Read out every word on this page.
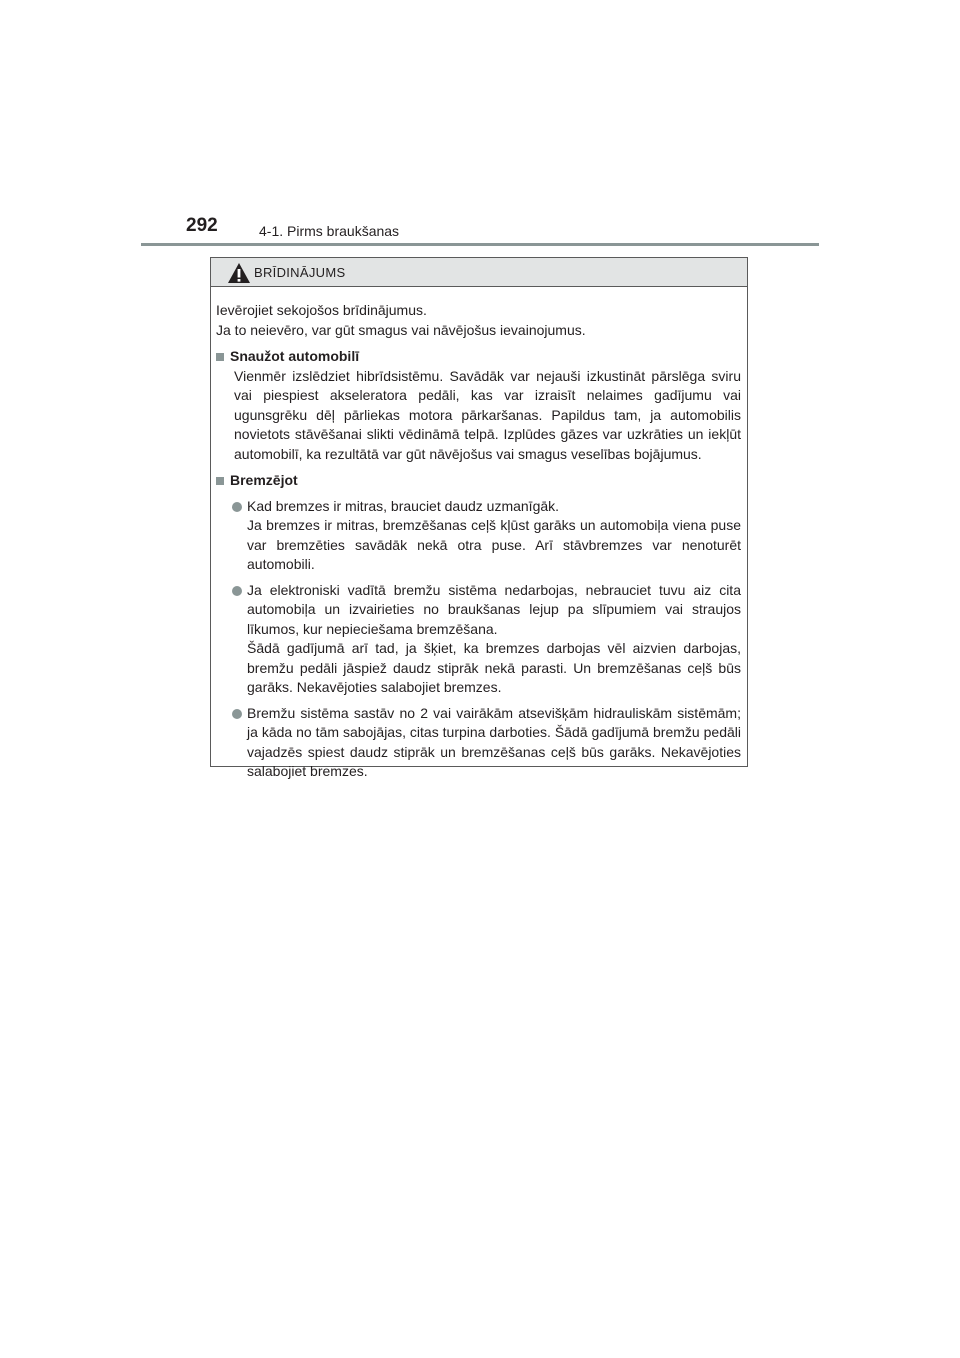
292	4-1. Pirms braukšanas
BRĪDINĀJUMS

Ievērojiet sekojošos brīdinājumus.

Ja to neievēro, var gūt smagus vai nāvējošus ievainojumus.

Snaužot automobilī

Vienmēr izslēdziet hibrīdsistēmu. Savādāk var nejauši izkustināt pārslēga sviru vai piespiest akseleratora pedāli, kas var izraisīt nelaimes gadījumu vai ugunsgrēku dēļ pārliekas motora pārkaršanas. Papildus tam, ja automobilis novietots stāvēšanai slikti vēdināmā telpā. Izplūdes gāzes var uzkrāties un iekļūt automobilī, ka rezultātā var gūt nāvējošus vai smagus veselības bojājumus.

Bremzējot

Kad bremzes ir mitras, brauciet daudz uzmanīgāk.

Ja bremzes ir mitras, bremzēšanas ceļš kļūst garāks un automobiļa viena puse var bremzēties savādāk nekā otra puse. Arī stāvbremzes var nenoturēt automobili.

Ja elektroniski vadītā bremžu sistēma nedarbojas, nebrauciet tuvu aiz cita automobiļa un izvairieties no braukšanas lejup pa slīpumiem vai straujos līkumos, kur nepieciešama bremzēšana.

Šādā gadījumā arī tad, ja šķiet, ka bremzes darbojas vēl aizvien darbojas, bremžu pedāli jāspiež daudz stiprāk nekā parasti. Un bremzēšanas ceļš būs garāks. Nekavējoties salabojiet bremzes.

Bremžu sistēma sastāv no 2 vai vairākām atsevišķām hidrauliskām sistēmām; ja kāda no tām sabojājas, citas turpina darboties. Šādā gadījumā bremžu pedāli vajadzēs spiest daudz stiprāk un bremzēšanas ceļš būs garāks. Nekavējoties salabojiet bremzes.
